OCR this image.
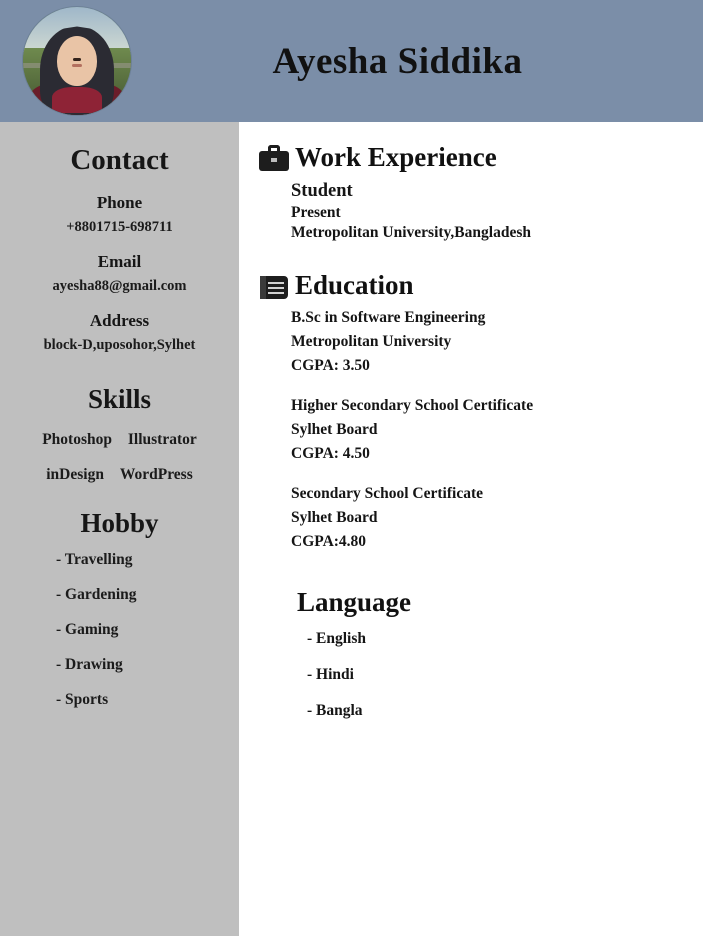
Ayesha Siddika
Contact
Phone
+8801715-698711
Email
ayesha88@gmail.com
Address
block-D,uposohor,Sylhet
Skills
Photoshop Illustrator
inDesign WordPress
Hobby
- Travelling
- Gardening
- Gaming
- Drawing
- Sports
Work Experience
Student
Present
Metropolitan University,Bangladesh
Education
B.Sc in Software Engineering
Metropolitan University
CGPA: 3.50
Higher Secondary School Certificate
Sylhet Board
CGPA: 4.50
Secondary School Certificate
Sylhet Board
CGPA:4.80
Language
- English
- Hindi
- Bangla
